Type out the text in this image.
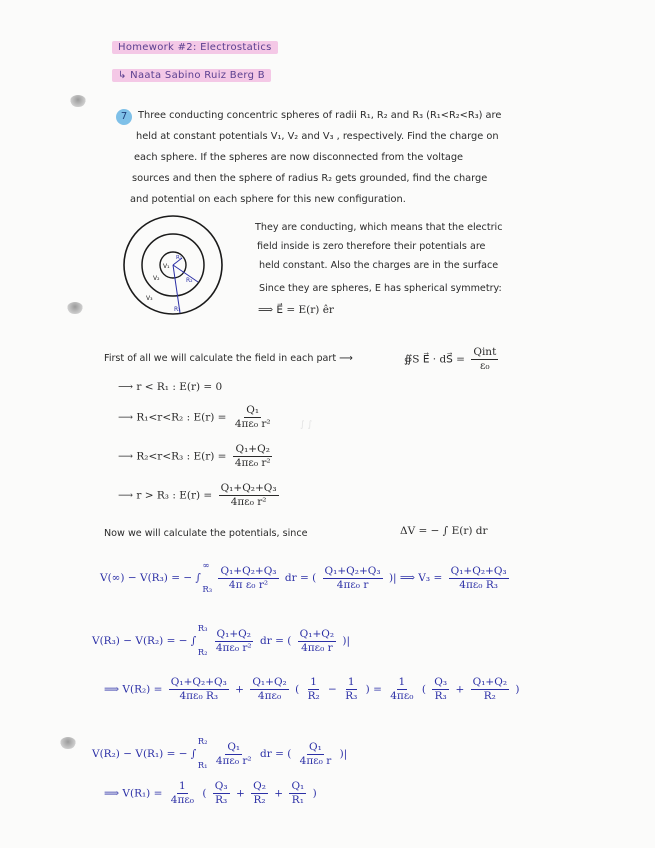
∫ ∫
Homework #2: Electrostatics
↳ Naata Sabino Ruiz Berg B
7	Three conducting concentric spheres of radii R₁, R₂ and R₃ (R₁<R₂<R₃) are
held at constant potentials V₁, V₂ and V₃ , respectively. Find the charge on
each sphere. If the spheres are now disconnected from the voltage
sources and then the sphere of radius R₂ gets grounded, find the charge
and potential on each sphere for this new configuration.
V₁
R₁
V₂	R₂
V₃
R₃
They are conducting, which means that the electric
field inside is zero therefore their potentials are
held constant. Also the charges are in the surface
Since they are spheres, E has spherical symmetry:
⟹ E⃗ = E(r) êr
First of all we will calculate the field in each part ⟶	∯S E⃗ · dS⃗ = $\frac{\text{Qint}}{\text{ε₀}}$
⟶ r < R₁ : E(r) = 0
⟶ R₁<r<R₂ : $E(r) = \frac{\text{Q₁}}{\text{4πε₀ r²}}$
⟶ R₂<r<R₃ : $E(r) = \frac{\text{Q₁+Q₂}}{\text{4πε₀ r²}}$
⟶ r > R₃ : $E(r) = \frac{\text{Q₁+Q₂+Q₃}}{\text{4πε₀ r²}}$
Now we will calculate the potentials, since	ΔV = − ∫ E(r) dr
V(∞) − V(R₃) = − ∫
∞
R₃
$\frac{\text{Q₁+Q₂+Q₃}}{\text{4π ε₀ r²}}$ dr = ( $\frac{\text{Q₁+Q₂+Q₃}}{\text{4πε₀ r}}$ )| ⟹ $V_3 = \frac{\text{Q₁+Q₂+Q₃}}{\text{4πε₀ R₃}}$
V(R₃) − V(R₂) = − ∫
R₃
R₂
$\frac{\text{Q₁+Q₂}}{\text{4πε₀ r²}}$ dr = ( $\frac{\text{Q₁+Q₂}}{\text{4πε₀ r}}$ )|
⟹ $V(R_2) = \frac{\text{Q₁+Q₂+Q₃}}{\text{4πε₀ R₃}} + \frac{\text{Q₁+Q₂}}{\text{4πε₀}}$ ( $\frac{1}{\text{R₂}} - \frac{1}{\text{R₃}}$ ) = $\frac{1}{\text{4πε₀}}$ ( $\frac{\text{Q₃}}{\text{R₃}} + \frac{\text{Q₁+Q₂}}{\text{R₂}}$ )
V(R₂) − V(R₁) = − ∫
R₂
R₁
$\frac{\text{Q₁}}{\text{4πε₀ r²}}$ dr = ( $\frac{\text{Q₁}}{\text{4πε₀ r}}$ )|
⟹ $V(R_1) = \frac{1}{\text{4πε₀}}$ ( $\frac{\text{Q₃}}{\text{R₃}} + \frac{\text{Q₂}}{\text{R₂}} + \frac{\text{Q₁}}{\text{R₁}}$ )
